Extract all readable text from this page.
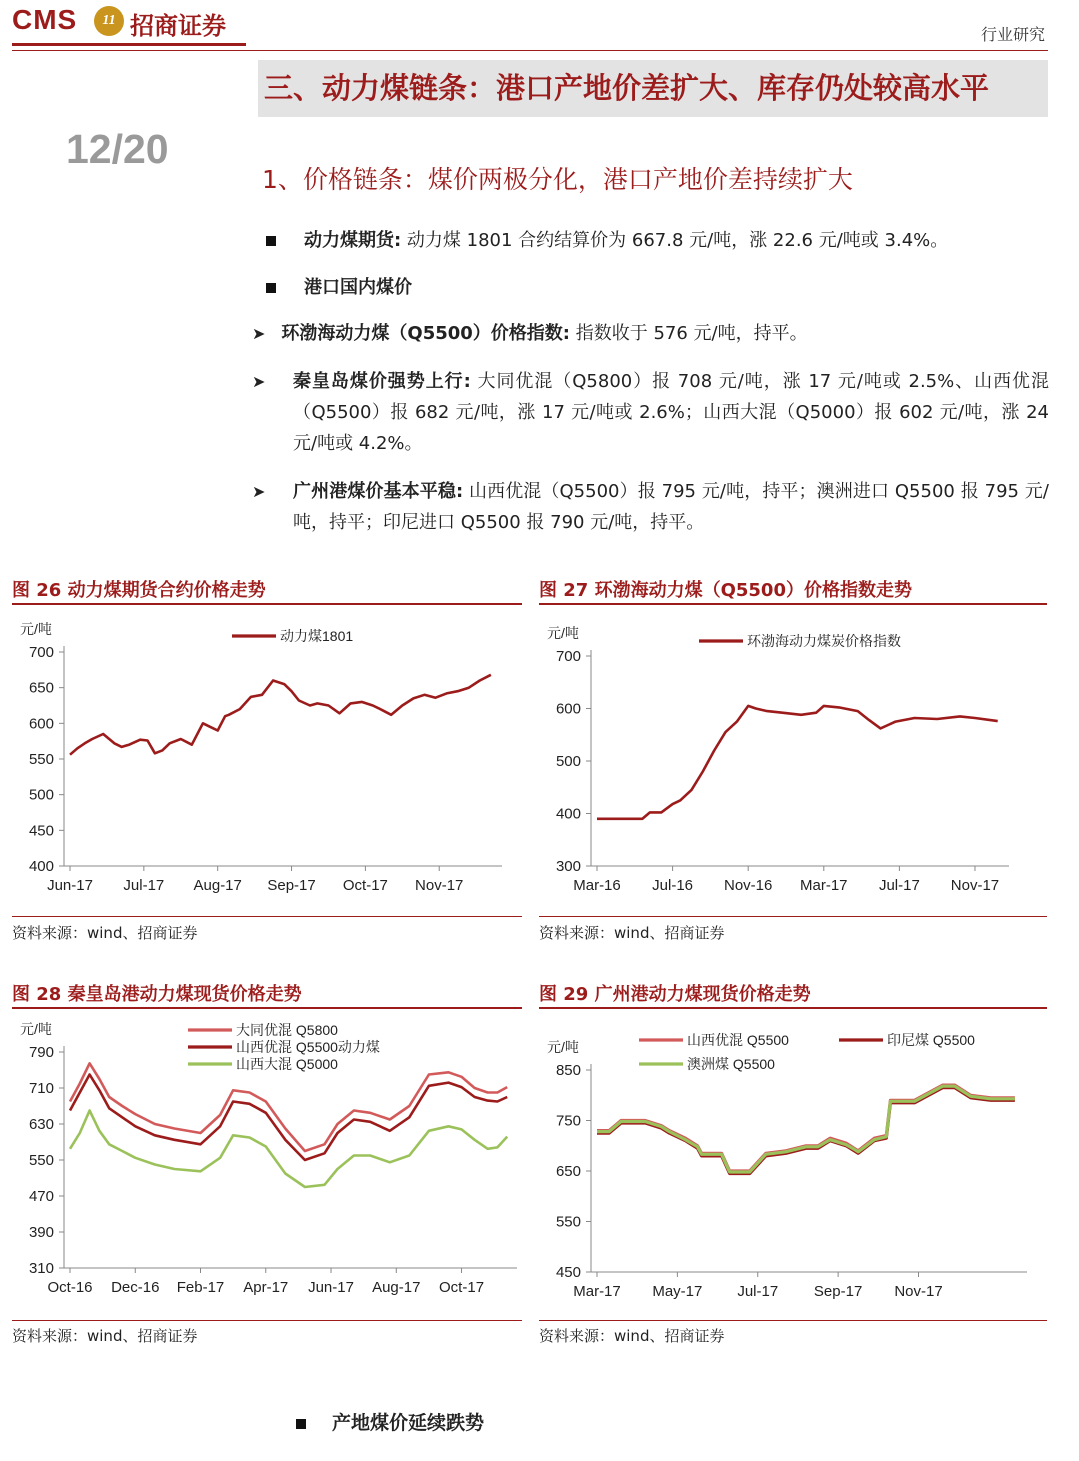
CMS	11 招商证券	行业研究
三、动力煤链条：港口产地价差扩大、库存仍处较高水平
12/20
1、价格链条：煤价两极分化，港口产地价差持续扩大
动力煤期货: 动力煤 1801 合约结算价为 667.8 元/吨，涨 22.6 元/吨或 3.4%。
港口国内煤价
➤ 环渤海动力煤（Q5500）价格指数: 指数收于 576 元/吨，持平。
➤	秦皇岛煤价强势上行: 大同优混（Q5800）报 708 元/吨，涨 17 元/吨或 2.5%、山西优混（Q5500）报 682 元/吨，涨 17 元/吨或 2.6%；山西大混（Q5000）报 602 元/吨，涨 24 元/吨或 4.2%。
➤	广州港煤价基本平稳: 山西优混（Q5500）报 795 元/吨，持平；澳洲进口 Q5500 报 795 元/吨，持平；印尼进口 Q5500 报 790 元/吨，持平。
图 26 动力煤期货合约价格走势
元/吨
400
450
500
550
600
650
700
Jun-17 Jul-17 Aug-17 Sep-17 Oct-17 Nov-17
动力煤1801
资料来源：wind、招商证券
图 27 环渤海动力煤（Q5500）价格指数走势
元/吨
300
400
500
600
700
Mar-16 Jul-16 Nov-16 Mar-17 Jul-17 Nov-17
环渤海动力煤炭价格指数
资料来源：wind、招商证券
图 28 秦皇岛港动力煤现货价格走势
元/吨
310
390
470
550
630
710
790
Oct-16 Dec-16 Feb-17 Apr-17 Jun-17 Aug-17 Oct-17
大同优混 Q5800
山西优混 Q5500动力煤
山西大混 Q5000
资料来源：wind、招商证券
图 29 广州港动力煤现货价格走势
元/吨
450
550
650
750
850
Mar-17 May-17 Jul-17 Sep-17 Nov-17
山西优混 Q5500	印尼煤 Q5500
澳洲煤 Q5500
资料来源：wind、招商证券
产地煤价延续跌势
